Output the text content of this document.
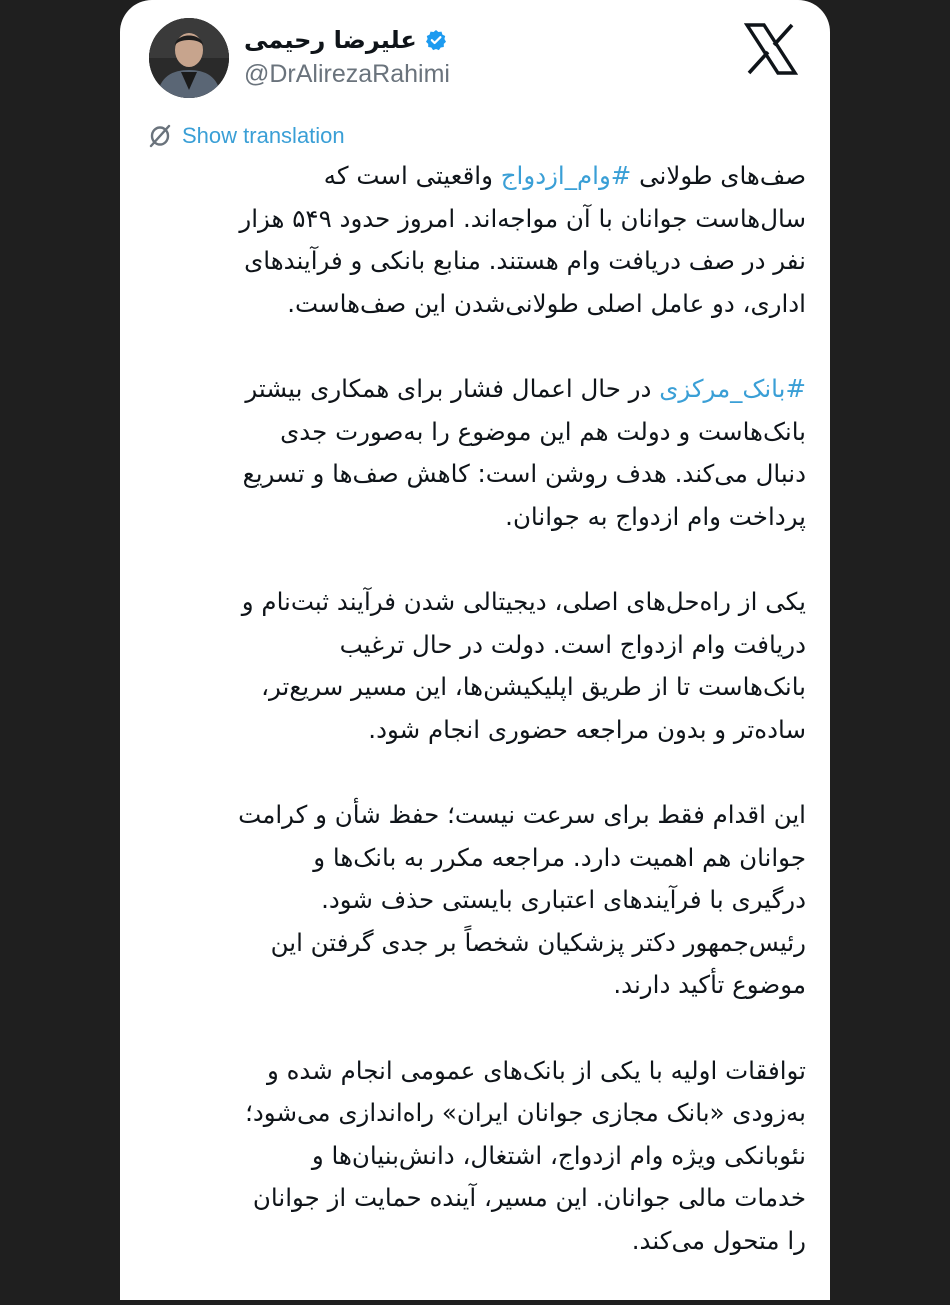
علیرضا رحیمی
@DrAlirezaRahimi
Show translation

صف‌های طولانی #وام_ازدواج واقعیتی است که
سال‌هاست جوانان با آن مواجه‌اند. امروز حدود ۵۴۹ هزار
نفر در صف دریافت وام هستند. منابع بانکی و فرآیندهای
اداری، دو عامل اصلی طولانی‌شدن این صف‌هاست.

#بانک_مرکزی در حال اعمال فشار برای همکاری بیشتر
بانک‌هاست و دولت هم این موضوع را به‌صورت جدی
دنبال می‌کند. هدف روشن است: کاهش صف‌ها و تسریع
پرداخت وام ازدواج به جوانان.

یکی از راه‌حل‌های اصلی، دیجیتالی شدن فرآیند ثبت‌نام و
دریافت وام ازدواج است. دولت در حال ترغیب
بانک‌هاست تا از طریق اپلیکیشن‌ها، این مسیر سریع‌تر،
ساده‌تر و بدون مراجعه حضوری انجام شود.

این اقدام فقط برای سرعت نیست؛ حفظ شأن و کرامت
جوانان هم اهمیت دارد. مراجعه مکرر به بانک‌ها و
درگیری با فرآیندهای اعتباری بایستی حذف شود.
رئیس‌جمهور دکتر پزشکیان شخصاً بر جدی گرفتن این
موضوع تأکید دارند.

توافقات اولیه با یکی از بانک‌های عمومی انجام شده و
به‌زودی «بانک مجازی جوانان ایران» راه‌اندازی می‌شود؛
نئوبانکی ویژه وام ازدواج، اشتغال، دانش‌بنیان‌ها و
خدمات مالی جوانان. این مسیر، آینده حمایت از جوانان
را متحول می‌کند.
